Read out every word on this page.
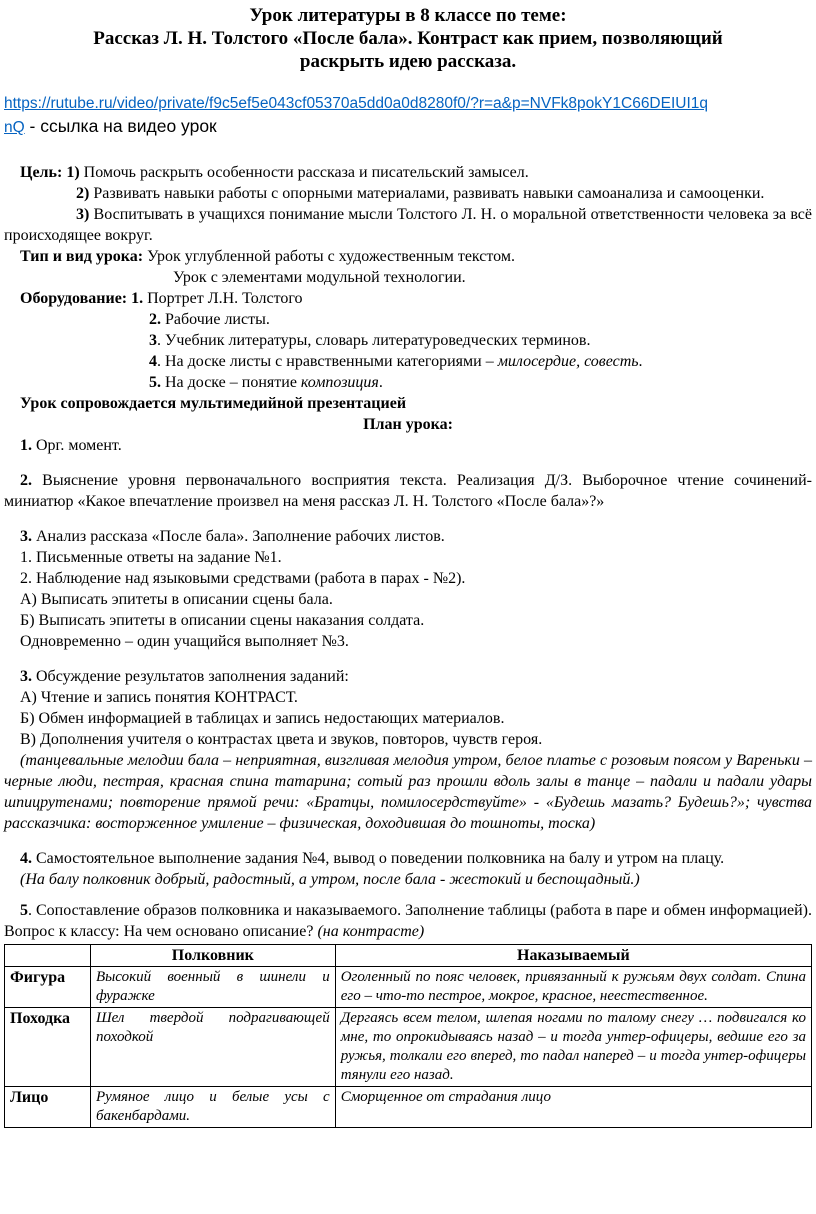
Урок литературы в 8 классе по теме:
Рассказ Л. Н. Толстого «После бала». Контраст как прием, позволяющий
раскрыть идею рассказа.
https://rutube.ru/video/private/f9c5ef5e043cf05370a5dd0a0d8280f0/?r=a&p=NVFk8pokY1C66DEIUI1q
nQ - ссылка на видео урок

Цель: 1) Помочь раскрыть особенности рассказа и писательский замысел.

2) Развивать навыки работы с опорными материалами, развивать навыки самоанализа и самооценки.

3) Воспитывать в учащихся понимание мысли Толстого Л. Н. о моральной ответственности человека за всё происходящее вокруг.

Тип и вид урока: Урок углубленной работы с художественным текстом.

Урок с элементами модульной технологии.

Оборудование: 1. Портрет Л.Н. Толстого

2. Рабочие листы.

3. Учебник литературы, словарь литературоведческих терминов.

4. На доске листы с нравственными категориями – милосердие, совесть.

5. На доске – понятие композиция.

Урок сопровождается мультимедийной презентацией

План урока:

1. Орг. момент.

2. Выяснение уровня первоначального восприятия текста. Реализация Д/З. Выборочное чтение сочинений-миниатюр «Какое впечатление произвел на меня рассказ Л. Н. Толстого «После бала»?»

3. Анализ рассказа «После бала». Заполнение рабочих листов.

1. Письменные ответы на задание №1.

2. Наблюдение над языковыми средствами (работа в парах - №2).

А) Выписать эпитеты в описании сцены бала.

Б) Выписать эпитеты в описании сцены наказания солдата.

Одновременно – один учащийся выполняет №3.

3. Обсуждение результатов заполнения заданий:

А) Чтение и запись понятия КОНТРАСТ.

Б) Обмен информацией в таблицах и запись недостающих материалов.

В) Дополнения учителя о контрастах цвета и звуков, повторов, чувств героя.

(танцевальные мелодии бала – неприятная, визгливая мелодия утром, белое платье с розовым поясом у Вареньки – черные люди, пестрая, красная спина татарина; сотый раз прошли вдоль залы в танце – падали и падали удары шпицрутенами; повторение прямой речи: «Братцы, помилосердствуйте» - «Будешь мазать? Будешь?»; чувства рассказчика: восторженное умиление – физическая, доходившая до тошноты, тоска)

4. Самостоятельное выполнение задания №4, вывод о поведении полковника на балу и утром на плацу.

(На балу полковник добрый, радостный, а утром, после бала - жестокий и беспощадный.)

5. Сопоставление образов полковника и наказываемого. Заполнение таблицы (работа в паре и обмен информацией). Вопрос к классу: На чем основано описание? (на контрасте)

	Полковник	Наказываемый
Фигура	Высокий военный в шинели и фуражке	Оголенный по пояс человек, привязанный к ружьям двух солдат. Спина его – что-то пестрое, мокрое, красное, неестественное.
Походка	Шел твердой подрагивающей походкой	Дергаясь всем телом, шлепая ногами по талому снегу … подвигался ко мне, то опрокидываясь назад – и тогда унтер-офицеры, ведшие его за ружья, толкали его вперед, то падал наперед – и тогда унтер-офицеры тянули его назад.
Лицо	Румяное лицо и белые усы с бакенбардами.	Сморщенное от страдания лицо
